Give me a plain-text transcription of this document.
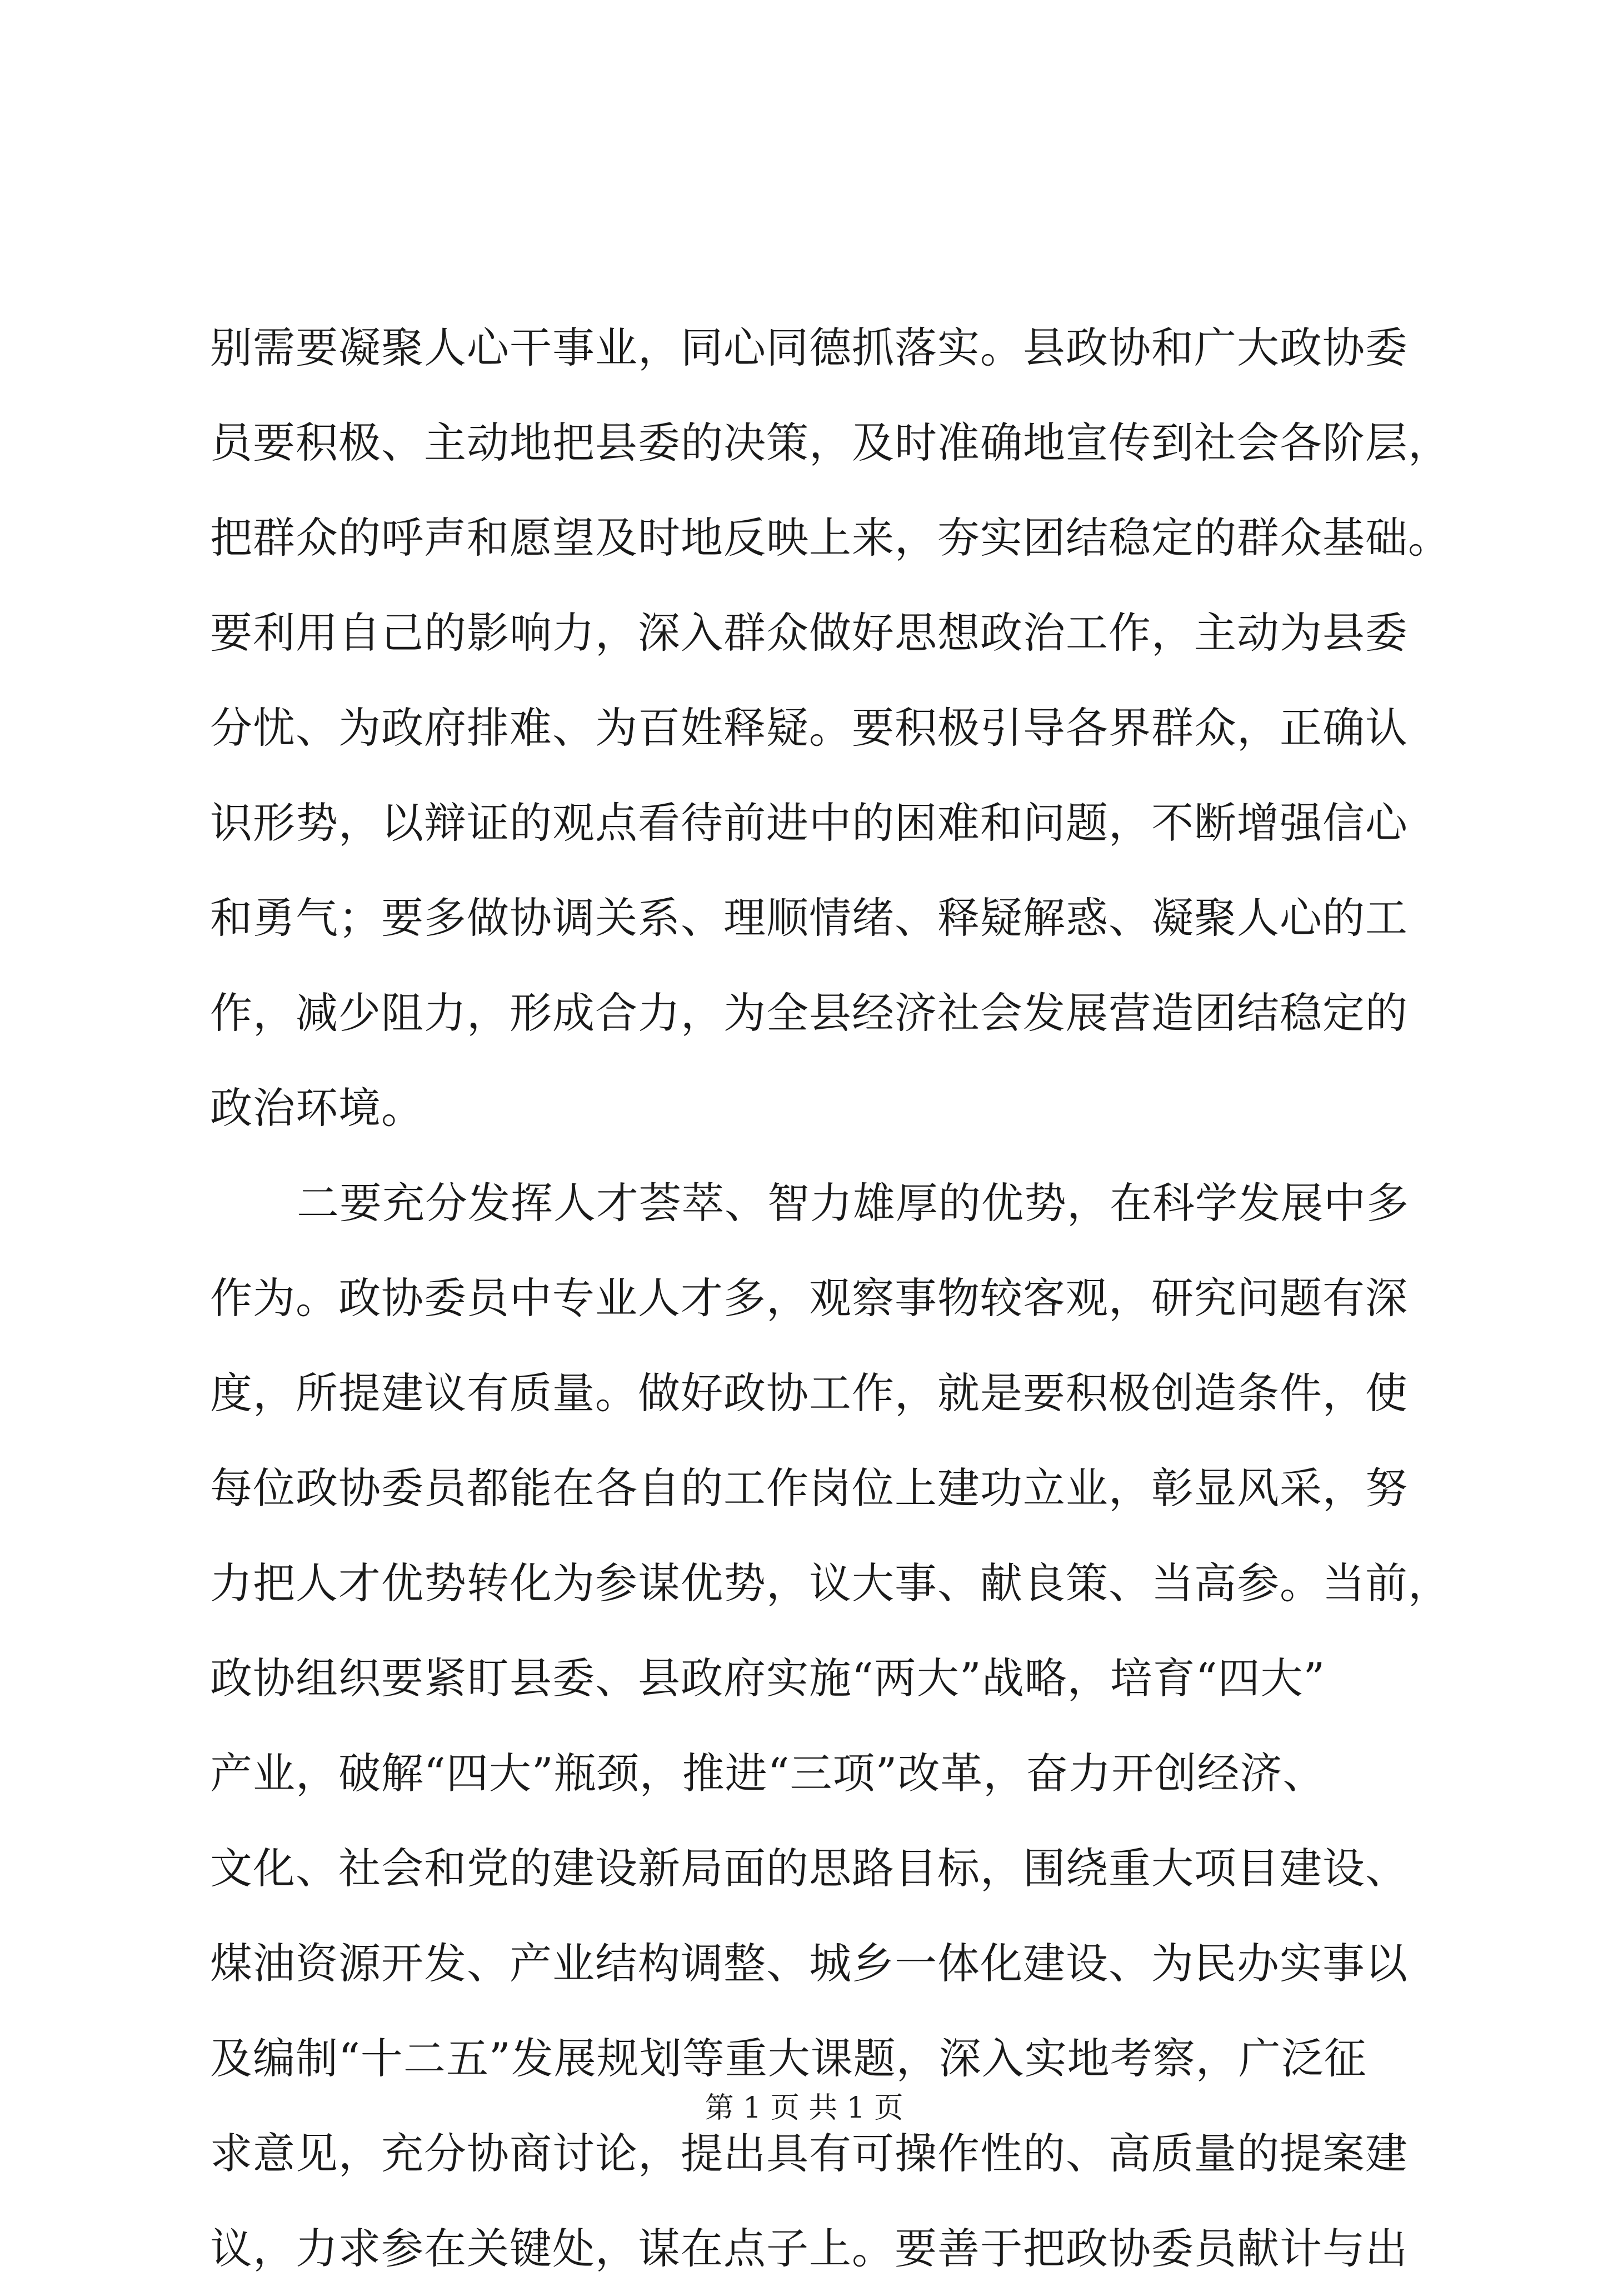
别需要凝聚人心干事业，同心同德抓落实。县政协和广大政协委
员要积极、主动地把县委的决策，及时准确地宣传到社会各阶层，
把群众的呼声和愿望及时地反映上来，夯实团结稳定的群众基础。
要利用自己的影响力，深入群众做好思想政治工作，主动为县委
分忧、为政府排难、为百姓释疑。要积极引导各界群众，正确认
识形势，以辩证的观点看待前进中的困难和问题，不断增强信心
和勇气；要多做协调关系、理顺情绪、释疑解惑、凝聚人心的工
作，减少阻力，形成合力，为全县经济社会发展营造团结稳定的
政治环境。
二要充分发挥人才荟萃、智力雄厚的优势，在科学发展中多
作为。政协委员中专业人才多，观察事物较客观，研究问题有深
度，所提建议有质量。做好政协工作，就是要积极创造条件，使
每位政协委员都能在各自的工作岗位上建功立业，彰显风采，努
力把人才优势转化为参谋优势，议大事、献良策、当高参。当前，
政协组织要紧盯县委、县政府实施“两大”战略，培育“四大”
产业，破解“四大”瓶颈，推进“三项”改革，奋力开创经济、
文化、社会和党的建设新局面的思路目标，围绕重大项目建设、
煤油资源开发、产业结构调整、城乡一体化建设、为民办实事以
及编制“十二五”发展规划等重大课题，深入实地考察，广泛征
求意见，充分协商讨论，提出具有可操作性的、高质量的提案建
议，力求参在关键处，谋在点子上。要善于把政协委员献计与出
第 1 页 共 1 页
